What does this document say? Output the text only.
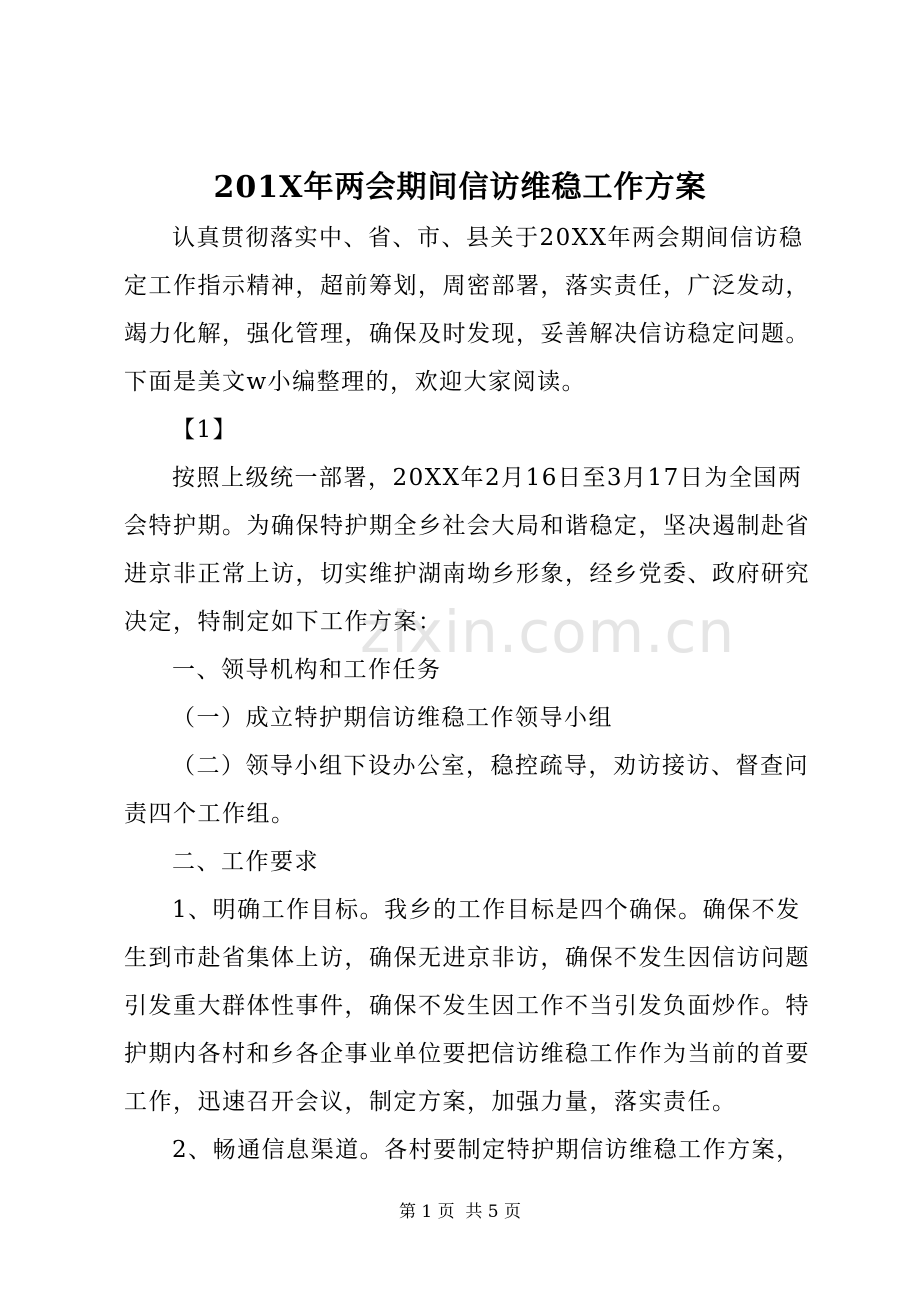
201X年两会期间信访维稳工作方案

认真贯彻落实中、省、市、县关于20XX年两会期间信访稳定工作指示精神，超前筹划，周密部署，落实责任，广泛发动，竭力化解，强化管理，确保及时发现，妥善解决信访稳定问题。下面是美文w小编整理的，欢迎大家阅读。

【1】

按照上级统一部署，20XX年2月16日至3月17日为全国两会特护期。为确保特护期全乡社会大局和谐稳定，坚决遏制赴省进京非正常上访，切实维护湖南坳乡形象，经乡党委、政府研究决定，特制定如下工作方案：

一、领导机构和工作任务

（一）成立特护期信访维稳工作领导小组

（二）领导小组下设办公室，稳控疏导，劝访接访、督查问责四个工作组。

二、工作要求

1、明确工作目标。我乡的工作目标是四个确保。确保不发生到市赴省集体上访，确保无进京非访，确保不发生因信访问题引发重大群体性事件，确保不发生因工作不当引发负面炒作。特护期内各村和乡各企事业单位要把信访维稳工作作为当前的首要工作，迅速召开会议，制定方案，加强力量，落实责任。

2、畅通信息渠道。各村要制定特护期信访维稳工作方案，

zixin.com.cn
第 1 页  共 5 页
